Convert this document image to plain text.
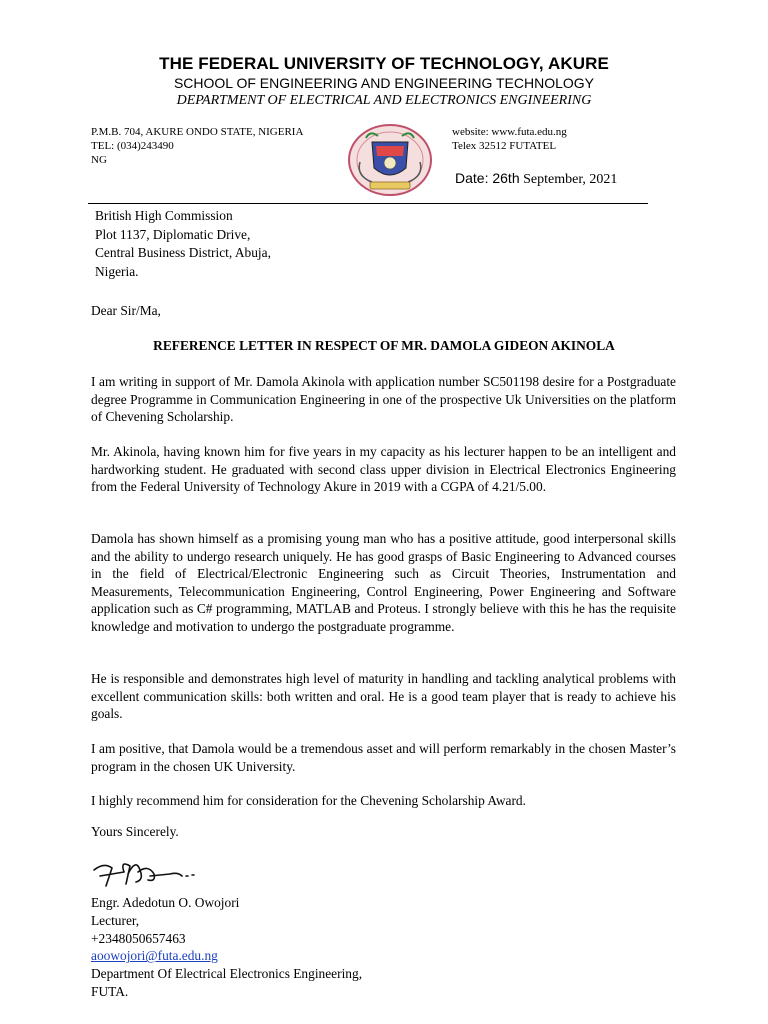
THE FEDERAL UNIVERSITY OF TECHNOLOGY, AKURE
SCHOOL OF ENGINEERING AND ENGINEERING TECHNOLOGY
DEPARTMENT OF ELECTRICAL AND ELECTRONICS ENGINEERING
P.M.B. 704, AKURE ONDO STATE, NIGERIA
TEL: (034)243490
NG
website: www.futa.edu.ng
Telex 32512 FUTATEL
Date: 26th September, 2021
British High Commission
Plot 1137, Diplomatic Drive,
Central Business District, Abuja,
Nigeria.
Dear Sir/Ma,
REFERENCE LETTER IN RESPECT OF MR. DAMOLA GIDEON AKINOLA
I am writing in support of Mr. Damola Akinola with application number SC501198 desire for a Postgraduate degree Programme in Communication Engineering in one of the prospective Uk Universities on the platform of Chevening Scholarship.
Mr. Akinola, having known him for five years in my capacity as his lecturer happen to be an intelligent and hardworking student. He graduated with second class upper division in Electrical Electronics Engineering from the Federal University of Technology Akure in 2019 with a CGPA of 4.21/5.00.
Damola has shown himself as a promising young man who has a positive attitude, good interpersonal skills and the ability to undergo research uniquely. He has good grasps of Basic Engineering to Advanced courses in the field of Electrical/Electronic Engineering such as Circuit Theories, Instrumentation and Measurements, Telecommunication Engineering, Control Engineering, Power Engineering and Software application such as C# programming, MATLAB and Proteus. I strongly believe with this he has the requisite knowledge and motivation to undergo the postgraduate programme.
He is responsible and demonstrates high level of maturity in handling and tackling analytical problems with excellent communication skills: both written and oral. He is a good team player that is ready to achieve his goals.
I am positive, that Damola would be a tremendous asset and will perform remarkably in the chosen Master’s program in the chosen UK University.
I highly recommend him for consideration for the Chevening Scholarship Award.
Yours Sincerely.
Engr. Adedotun O. Owojori
Lecturer,
+2348050657463
aoowojori@futa.edu.ng
Department Of Electrical Electronics Engineering,
FUTA.
